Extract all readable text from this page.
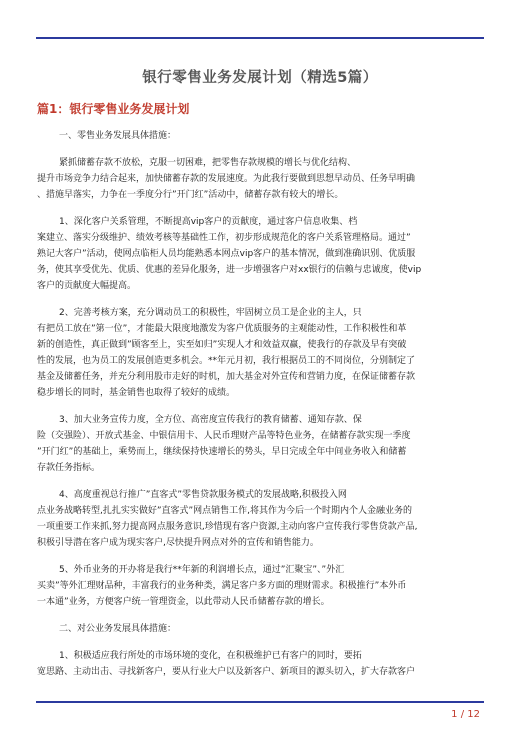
银行零售业务发展计划（精选5篇）
篇1：银行零售业务发展计划

一、零售业务发展具体措施：

紧抓储蓄存款不放松，克服一切困难，把零售存款规模的增长与优化结构、

提升市场竞争力结合起来，加快储蓄存款的发展速度。为此我行要做到思想早动员、任务早明确

、措施早落实，力争在一季度分行”开门红”活动中，储蓄存款有较大的增长。

1、深化客户关系管理，不断提高vip客户的贡献度，通过客户信息收集、档

案建立、落实分级维护、绩效考核等基础性工作，初步形成规范化的客户关系管理格局。通过”

熟记大客户”活动，使网点临柜人员均能熟悉本网点vip客户的基本情况，做到准确识别、优质服

务，使其享受优先、优质、优惠的差异化服务，进一步增强客户对xx银行的信赖与忠诚度，使vip

客户的贡献度大幅提高。

2、完善考核方案，充分调动员工的积极性，牢固树立员工是企业的主人，只

有把员工放在”第一位”，才能最大限度地激发为客户优质服务的主观能动性，工作积极性和革

新的创造性，真正做到”顾客至上，实至如归”实现人才和效益双赢，使我行的存款及早有突破

性的发展，也为员工的发展创造更多机会。**年元月初，我行根据员工的不同岗位，分别制定了

基金及储蓄任务，并充分利用股市走好的时机，加大基金对外宣传和营销力度，在保证储蓄存款

稳步增长的同时，基金销售也取得了较好的成绩。

3、加大业务宣传力度，全方位、高密度宣传我行的教育储蓄、通知存款、保

险（交强险）、开放式基金、中银信用卡、人民币理财产品等特色业务，在储蓄存款实现一季度

”开门红”的基础上，乘势而上，继续保持快速增长的势头，早日完成全年中间业务收入和储蓄

存款任务指标。

4、高度重视总行推广”直客式”零售贷款服务模式的发展战略,积极投入网

点业务战略转型,扎扎实实做好”直客式”网点销售工作,将其作为今后一个时期内个人金融业务的

一项重要工作来抓,努力提高网点服务意识,珍惜现有客户资源,主动向客户宣传我行零售贷款产品,

积极引导潜在客户成为现实客户,尽快提升网点对外的宣传和销售能力。

5、外币业务的开办将是我行**年新的利润增长点，通过”汇聚宝”、”外汇

买卖”等外汇理财品种，丰富我行的业务种类，满足客户多方面的理财需求。积极推行”本外币

一本通”业务，方便客户统一管理资金，以此带动人民币储蓄存款的增长。

二、对公业务发展具体措施：

1、积极适应我行所处的市场环境的变化，在积极维护已有客户的同时，要拓

宽思路、主动出击、寻找新客户，要从行业大户以及新客户、新项目的源头切入，扩大存款客户

1 / 12
